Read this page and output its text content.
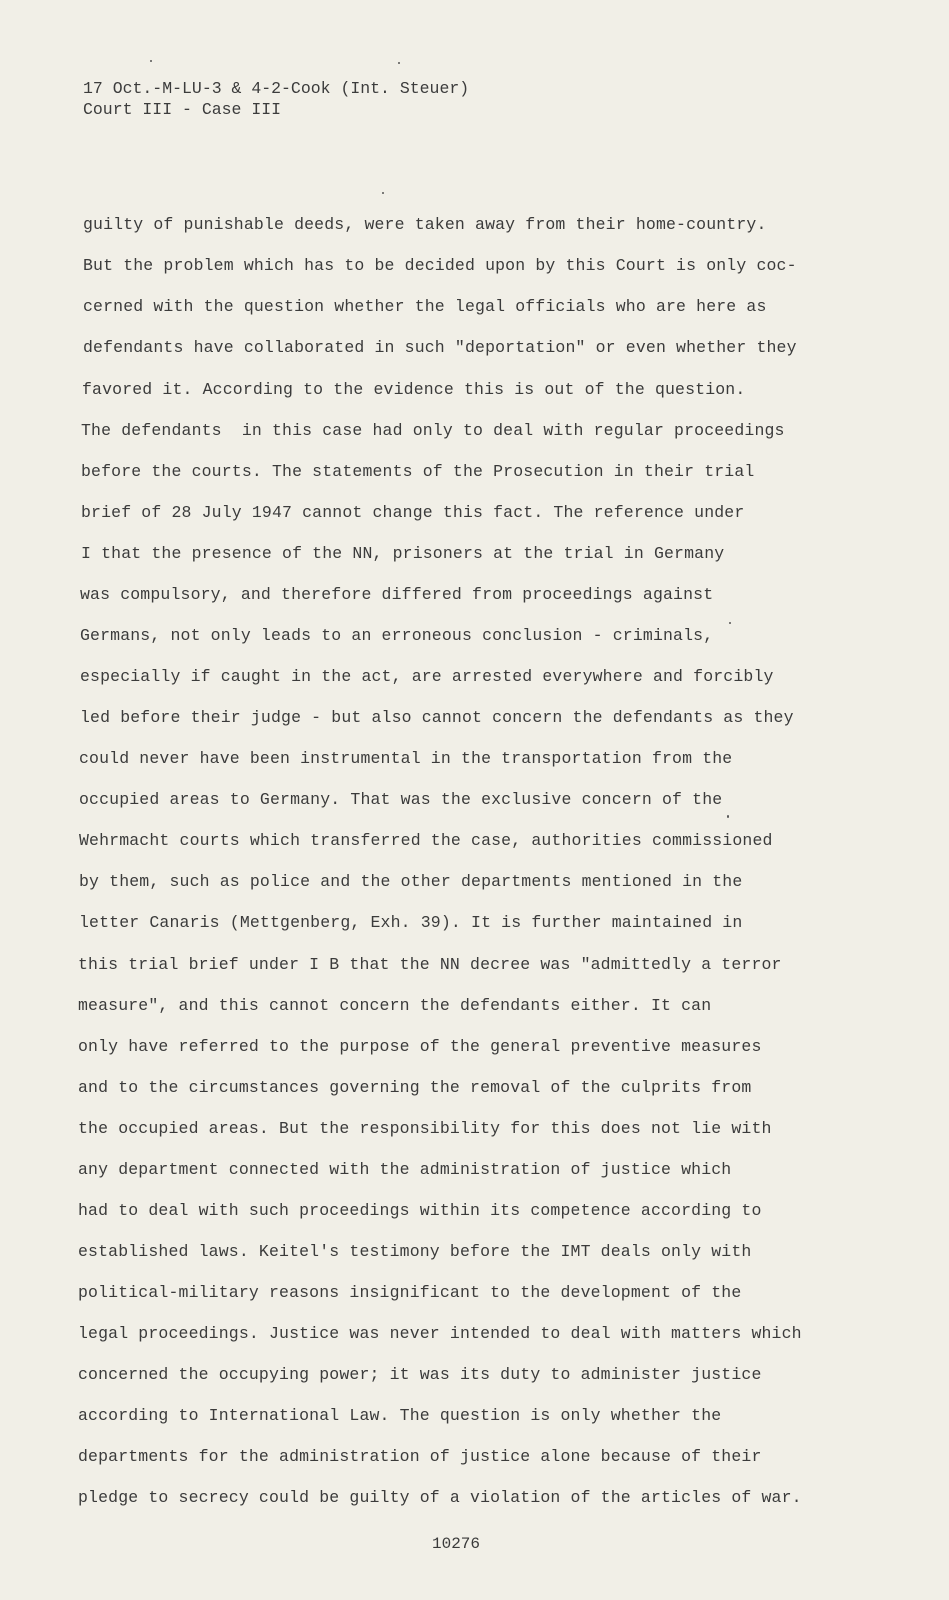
17 Oct.-M-LU-3 & 4-2-Cook (Int. Steuer)
Court III - Case III
guilty of punishable deeds, were taken away from their home-country.
But the problem which has to be decided upon by this Court is only coc-
cerned with the question whether the legal officials who are here as
defendants have collaborated in such "deportation" or even whether they
favored it. According to the evidence this is out of the question.
The defendants  in this case had only to deal with regular proceedings
before the courts. The statements of the Prosecution in their trial
brief of 28 July 1947 cannot change this fact. The reference under
I that the presence of the NN, prisoners at the trial in Germany
was compulsory, and therefore differed from proceedings against
Germans, not only leads to an erroneous conclusion - criminals,
especially if caught in the act, are arrested everywhere and forcibly
led before their judge - but also cannot concern the defendants as they
could never have been instrumental in the transportation from the
occupied areas to Germany. That was the exclusive concern of the
Wehrmacht courts which transferred the case, authorities commissioned
by them, such as police and the other departments mentioned in the
letter Canaris (Mettgenberg, Exh. 39). It is further maintained in
this trial brief under I B that the NN decree was "admittedly a terror
measure", and this cannot concern the defendants either. It can
only have referred to the purpose of the general preventive measures
and to the circumstances governing the removal of the culprits from
the occupied areas. But the responsibility for this does not lie with
any department connected with the administration of justice which
had to deal with such proceedings within its competence according to
established laws. Keitel's testimony before the IMT deals only with
political-military reasons insignificant to the development of the
legal proceedings. Justice was never intended to deal with matters which
concerned the occupying power; it was its duty to administer justice
according to International Law. The question is only whether the
departments for the administration of justice alone because of their
pledge to secrecy could be guilty of a violation of the articles of war.
10276
